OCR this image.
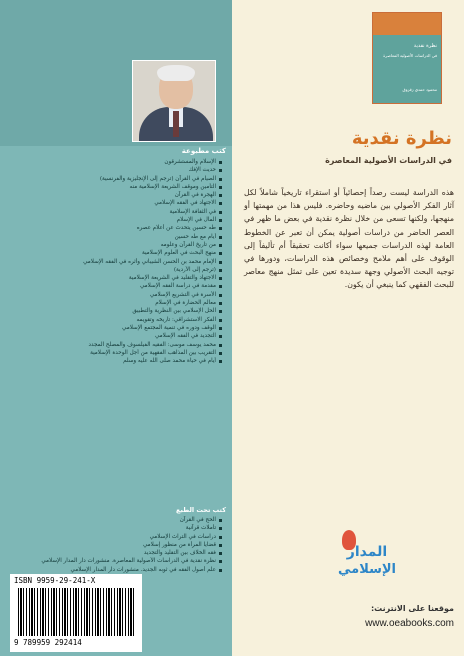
كتب مطبوعة
الإسلام والمستشرقون
حديث الإفك
الصيام في القرآن (ترجم إلى الإنجليزية والفرنسية)
التأمين وموقف الشريعة الإسلامية منه
الهجرة في القرآن
الاجتهاد في الفقه الإسلامي
في الثقافة الإسلامية
المال في الإسلام
طه حسين يتحدث عن أعلام عصره
أيام مع طه حسين
من تاريخ القرآن وعلومه
منهج البحث في العلوم الإسلامية
الإمام محمد بن الحسن الشيباني وأثره في الفقه الإسلامي
(ترجم إلى الأردية)
الاجتهاد والتقليد في الشريعة الإسلامية
مقدمة في دراسة الفقه الإسلامي
الأسرة في التشريع الإسلامي
معالم الحضارة في الإسلام
الحل الإسلامي بين النظرية والتطبيق
الفكر الاستشراقي: تاريخه وتقويمه
الوقف ودوره في تنمية المجتمع الإسلامي
التجديد في الفقه الإسلامي
محمد يوسف موسى: الفقيه الفيلسوف والمصلح المجدد
التقريب بين المذاهب الفقهية من أجل الوحدة الإسلامية
أيام في حياة محمد صلى الله عليه وسلم
كتب تحت الطبع
الحج في القرآن
تأملات قرآنية
دراسات في التراث الإسلامي
قضايا المرأة من منظور إسلامي
فقه الخلاف بين التقليد والتجديد
نظرة نقدية في الدراسات الأصولية المعاصرة. منشورات دار المدار الإسلامي
علم أصول الفقه في ثوبه الجديد. منشورات دار المدار الإسلامي
ISBN 9959-29-241-X
9 789959 292414
نظرة نقدية
في الدراسات الأصولية المعاصرة
محمود حمدي زقزوق
نظرة نقدية
في الدراسات الأصولية المعاصرة
هذه الدراسة ليست رصداً إحصائياً أو استقراء تاريخياً شاملاً لكل آثار الفكر الأصولي بين ماضيه وحاضره. فليس هذا من مهمتها أو منهجها، ولكنها تسعى من خلال نظرة نقدية في بعض ما ظهر في العصر الحاضر من دراسات أصولية يمكن أن تعبر عن الخطوط العامة لهذه الدراسات جميعها سواء أكانت تحقيقاً أم تأليفاً إلى الوقوف على أهم ملامح وخصائص هذه الدراسات، ودورها في توجيه البحث الأصولي وجهة سديدة تعين على تمثل منهج معاصر للبحث الفقهي كما ينبغي أن يكون.
المدار
الإسلامي
موقعنا على الانترنت:
www.oeabooks.com
